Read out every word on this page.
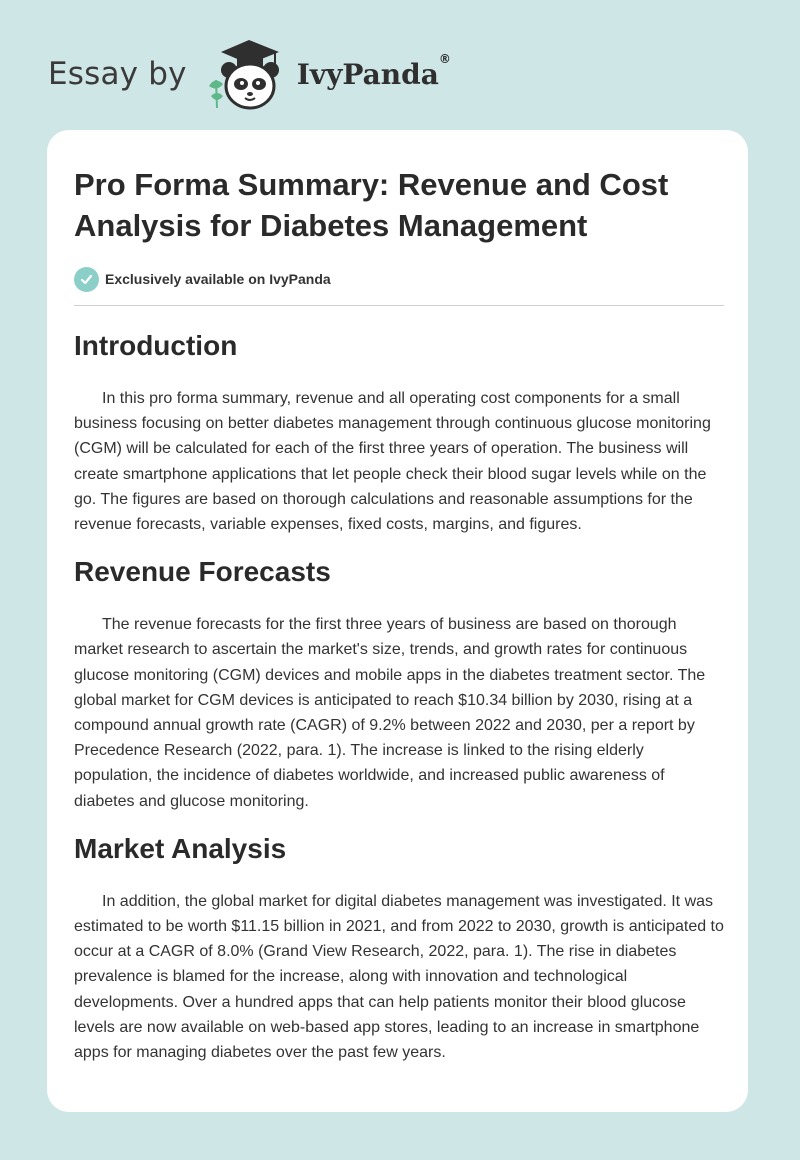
Essay by	IvyPanda®
Pro Forma Summary: Revenue and Cost Analysis for Diabetes Management
Exclusively available on IvyPanda
Introduction

In this pro forma summary, revenue and all operating cost components for a small business focusing on better diabetes management through continuous glucose monitoring (CGM) will be calculated for each of the first three years of operation. The business will create smartphone applications that let people check their blood sugar levels while on the go. The figures are based on thorough calculations and reasonable assumptions for the revenue forecasts, variable expenses, fixed costs, margins, and figures.

Revenue Forecasts

The revenue forecasts for the first three years of business are based on thorough market research to ascertain the market's size, trends, and growth rates for continuous glucose monitoring (CGM) devices and mobile apps in the diabetes treatment sector. The global market for CGM devices is anticipated to reach $10.34 billion by 2030, rising at a compound annual growth rate (CAGR) of 9.2% between 2022 and 2030, per a report by Precedence Research (2022, para. 1). The increase is linked to the rising elderly population, the incidence of diabetes worldwide, and increased public awareness of diabetes and glucose monitoring.

Market Analysis

In addition, the global market for digital diabetes management was investigated. It was estimated to be worth $11.15 billion in 2021, and from 2022 to 2030, growth is anticipated to occur at a CAGR of 8.0% (Grand View Research, 2022, para. 1). The rise in diabetes prevalence is blamed for the increase, along with innovation and technological developments. Over a hundred apps that can help patients monitor their blood glucose levels are now available on web-based app stores, leading to an increase in smartphone apps for managing diabetes over the past few years.
